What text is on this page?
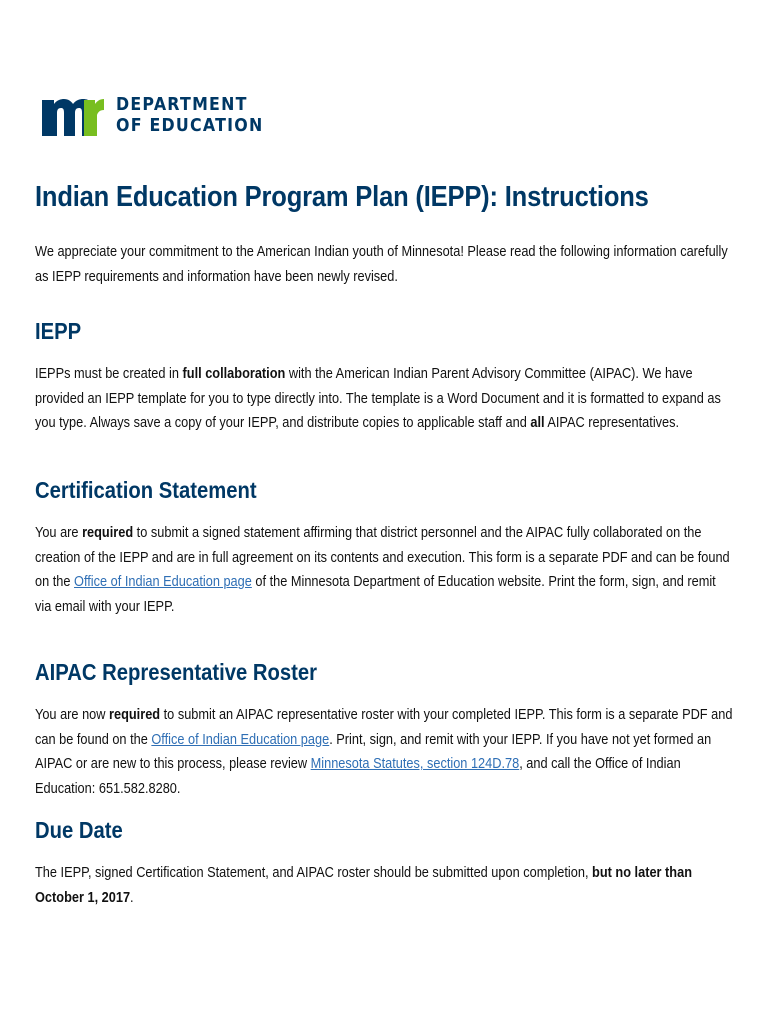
DEPARTMENT
OF EDUCATION
Indian Education Program Plan (IEPP): Instructions
We appreciate your commitment to the American Indian youth of Minnesota! Please read the following information carefully as IEPP requirements and information have been newly revised.
IEPP
IEPPs must be created in full collaboration with the American Indian Parent Advisory Committee (AIPAC). We have provided an IEPP template for you to type directly into. The template is a Word Document and it is formatted to expand as you type. Always save a copy of your IEPP, and distribute copies to applicable staff and all AIPAC representatives.
Certification Statement
You are required to submit a signed statement affirming that district personnel and the AIPAC fully collaborated on the creation of the IEPP and are in full agreement on its contents and execution. This form is a separate PDF and can be found on the Office of Indian Education page of the Minnesota Department of Education website. Print the form, sign, and remit via email with your IEPP.
AIPAC Representative Roster
You are now required to submit an AIPAC representative roster with your completed IEPP. This form is a separate PDF and can be found on the Office of Indian Education page. Print, sign, and remit with your IEPP. If you have not yet formed an AIPAC or are new to this process, please review Minnesota Statutes, section 124D.78, and call the Office of Indian Education: 651.582.8280.
Due Date
The IEPP, signed Certification Statement, and AIPAC roster should be submitted upon completion, but no later than October 1, 2017.
